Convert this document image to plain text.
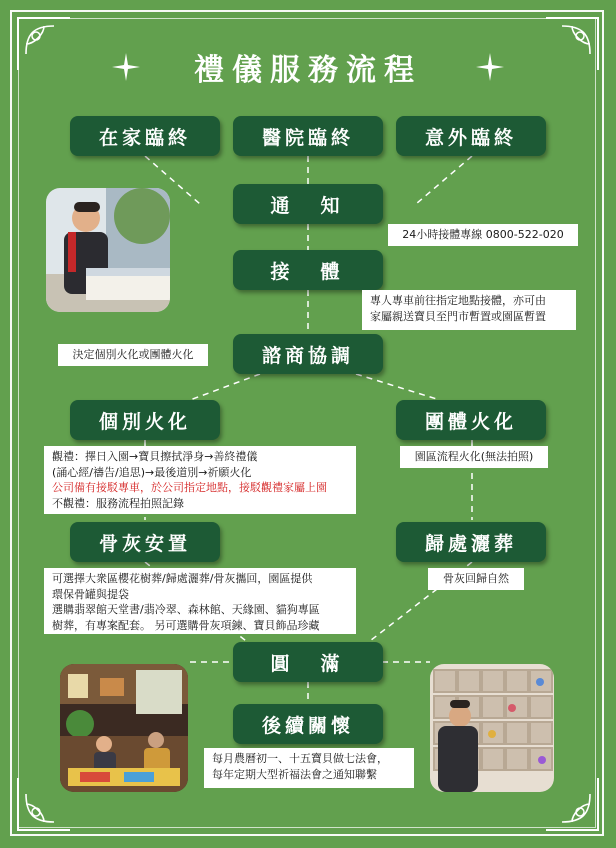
禮儀服務流程
在家臨終	醫院臨終	意外臨終
通　知
接　體
諮商協調
個別火化	團體火化
骨灰安置	歸處灑葬
圓　滿
後續關懷
24小時接體專線 0800-522-020
專人專車前往指定地點接體，亦可由
家屬親送寶貝至門市暫置或園區暫置
決定個別火化或團體火化
觀禮：擇日入園→寶貝擦拭淨身→善終禮儀
(誦心經/禱告/追思)→最後道別→祈願火化
公司備有接駁專車，於公司指定地點，接駁觀禮家屬上園
不觀禮：服務流程拍照記錄
園區流程火化(無法拍照)
可選擇大衆區櫻花樹葬/歸處灑葬/骨灰攜回，園區提供
環保骨罐與提袋
選購翡翠館天堂書/翡冷翠、森林館、天緣園、貓狗專區
樹葬，有專案配套。 另可選購骨灰項鍊、寶貝飾品珍藏
骨灰回歸自然
每月農曆初一、十五寶貝做七法會，
每年定期大型祈福法會之通知聯繫
